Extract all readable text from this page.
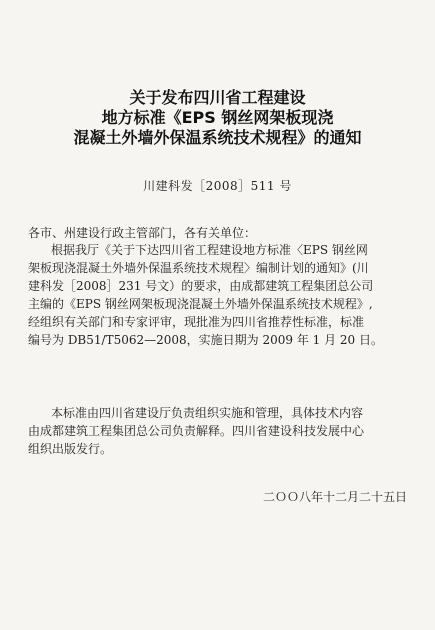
关于发布四川省工程建设
地方标准《EPS 钢丝网架板现浇
混凝土外墙外保温系统技术规程》的通知
川建科发［2008］511 号
各市、州建设行政主管部门，各有关单位：
根据我厅《关于下达四川省工程建设地方标准〈EPS 钢丝网
架板现浇混凝土外墙外保温系统技术规程〉编制计划的通知》(川
建科发［2008］231 号文）的要求，由成都建筑工程集团总公司
主编的《EPS 钢丝网架板现浇混凝土外墙外保温系统技术规程》,
经组织有关部门和专家评审，现批准为四川省推荐性标准，标准
编号为 DB51/T5062—2008，实施日期为 2009 年 1 月 20 日。
本标准由四川省建设厅负责组织实施和管理，具体技术内容
由成都建筑工程集团总公司负责解释。四川省建设科技发展中心
组织出版发行。
二ＯＯ八年十二月二十五日
